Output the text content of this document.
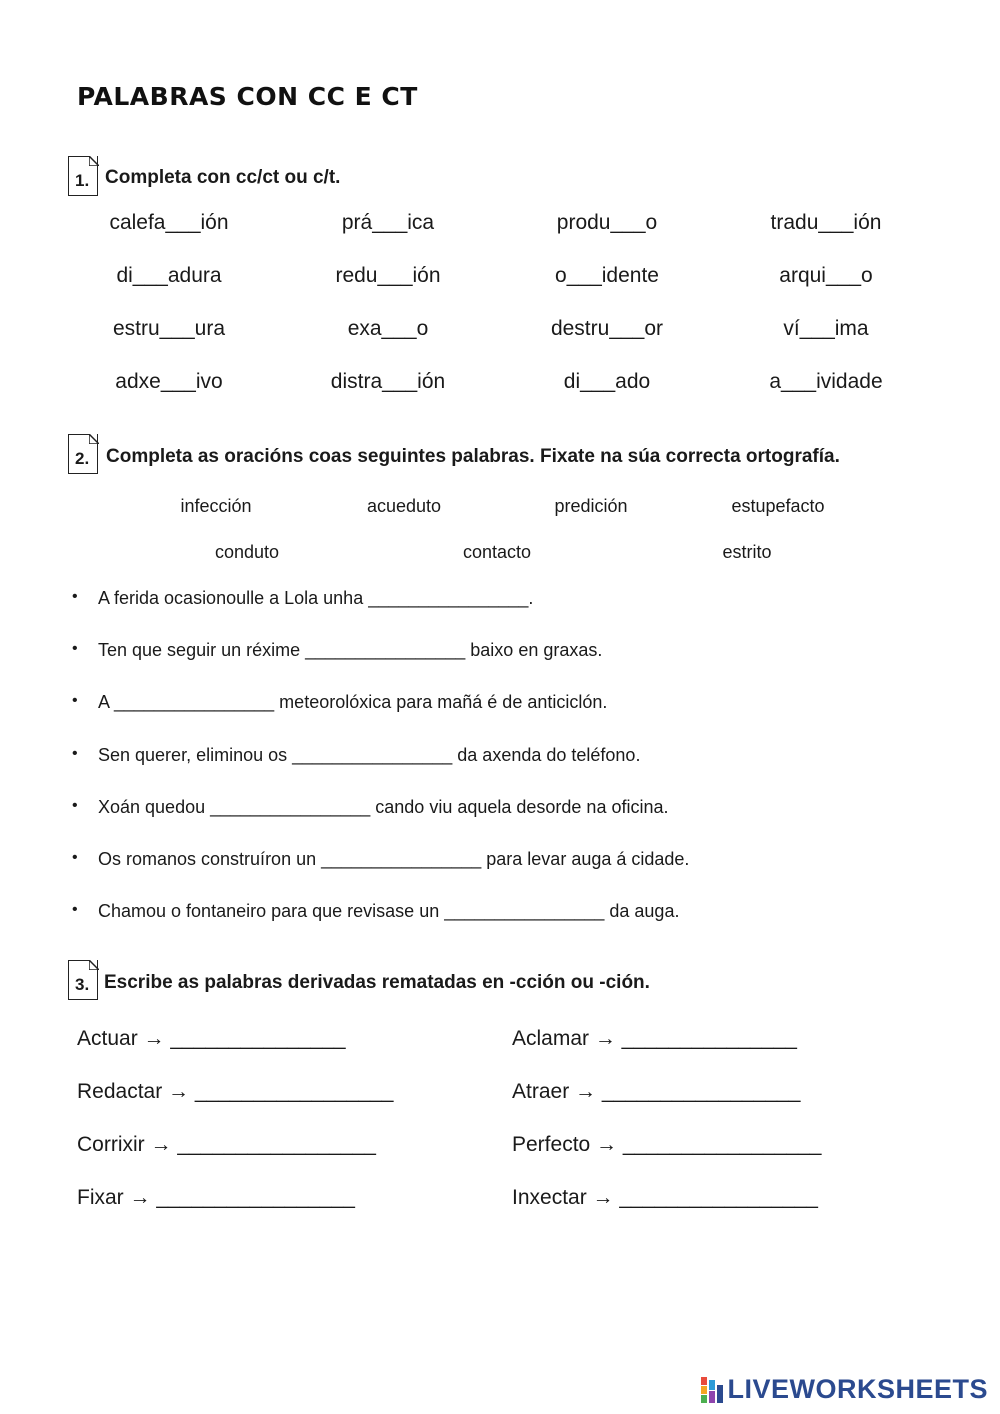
PALABRAS CON CC E CT
1. Completa con cc/ct ou c/t.
calefa___ión	prá___ica	produ___o	tradu___ión
di___adura	redu___ión	o___idente	arqui___o
estru___ura	exa___o	destru___or	ví___ima
adxe___ivo	distra___ión	di___ado	a___ividade
2. Completa as oracións coas seguintes palabras. Fixate na súa correcta ortografía.
infección	acueduto	predición	estupefacto
conduto	contacto	estrito
• A ferida ocasionoulle a Lola unha ________________.
• Ten que seguir un réxime ________________ baixo en graxas.
• A ________________ meteorolóxica para mañá é de anticiclón.
• Sen querer, eliminou os ________________ da axenda do teléfono.
• Xoán quedou ________________ cando viu aquela desorde na oficina.
• Os romanos construíron un ________________ para levar auga á cidade.
• Chamou o fontaneiro para que revisase un ________________ da auga.
3. Escribe as palabras derivadas rematadas en -cción ou -ción.
Actuar → _______________
Redactar → _________________
Corrixir → _________________
Fixar → _________________
Aclamar → _______________
Atraer → _________________
Perfecto → _________________
Inxectar → _________________
LIVEWORKSHEETS
